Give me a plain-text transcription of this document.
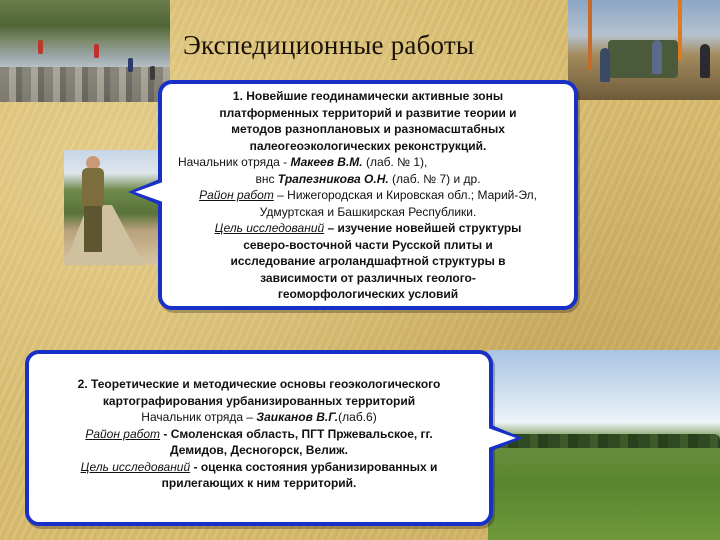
Экспедиционные работы
1. Новейшие геодинамически активные зоны
платформенных территорий и развитие теории и
методов разноплановых и разномасштабных
палеогеоэкологических реконструкций.
Начальник отряда - Макеев В.М. (лаб. № 1),
внс Трапезникова О.Н. (лаб. № 7) и др.
Район работ – Нижегородская и Кировская обл.; Марий-Эл,
Удмуртская и Башкирская Республики.
Цель исследований – изучение новейшей структуры
северо-восточной части Русской плиты и
исследование агроландшафтной структуры в
зависимости от различных геолого-
геоморфологических условий
2. Теоретические и методические основы геоэкологического
картографирования урбанизированных территорий
Начальник отряда – Заиканов В.Г.(лаб.6)
Район работ - Смоленская область, ПГТ Пржевальское, гг.
Демидов, Десногорск, Велиж.
Цель исследований - оценка состояния урбанизированных и
прилегающих к ним территорий.
